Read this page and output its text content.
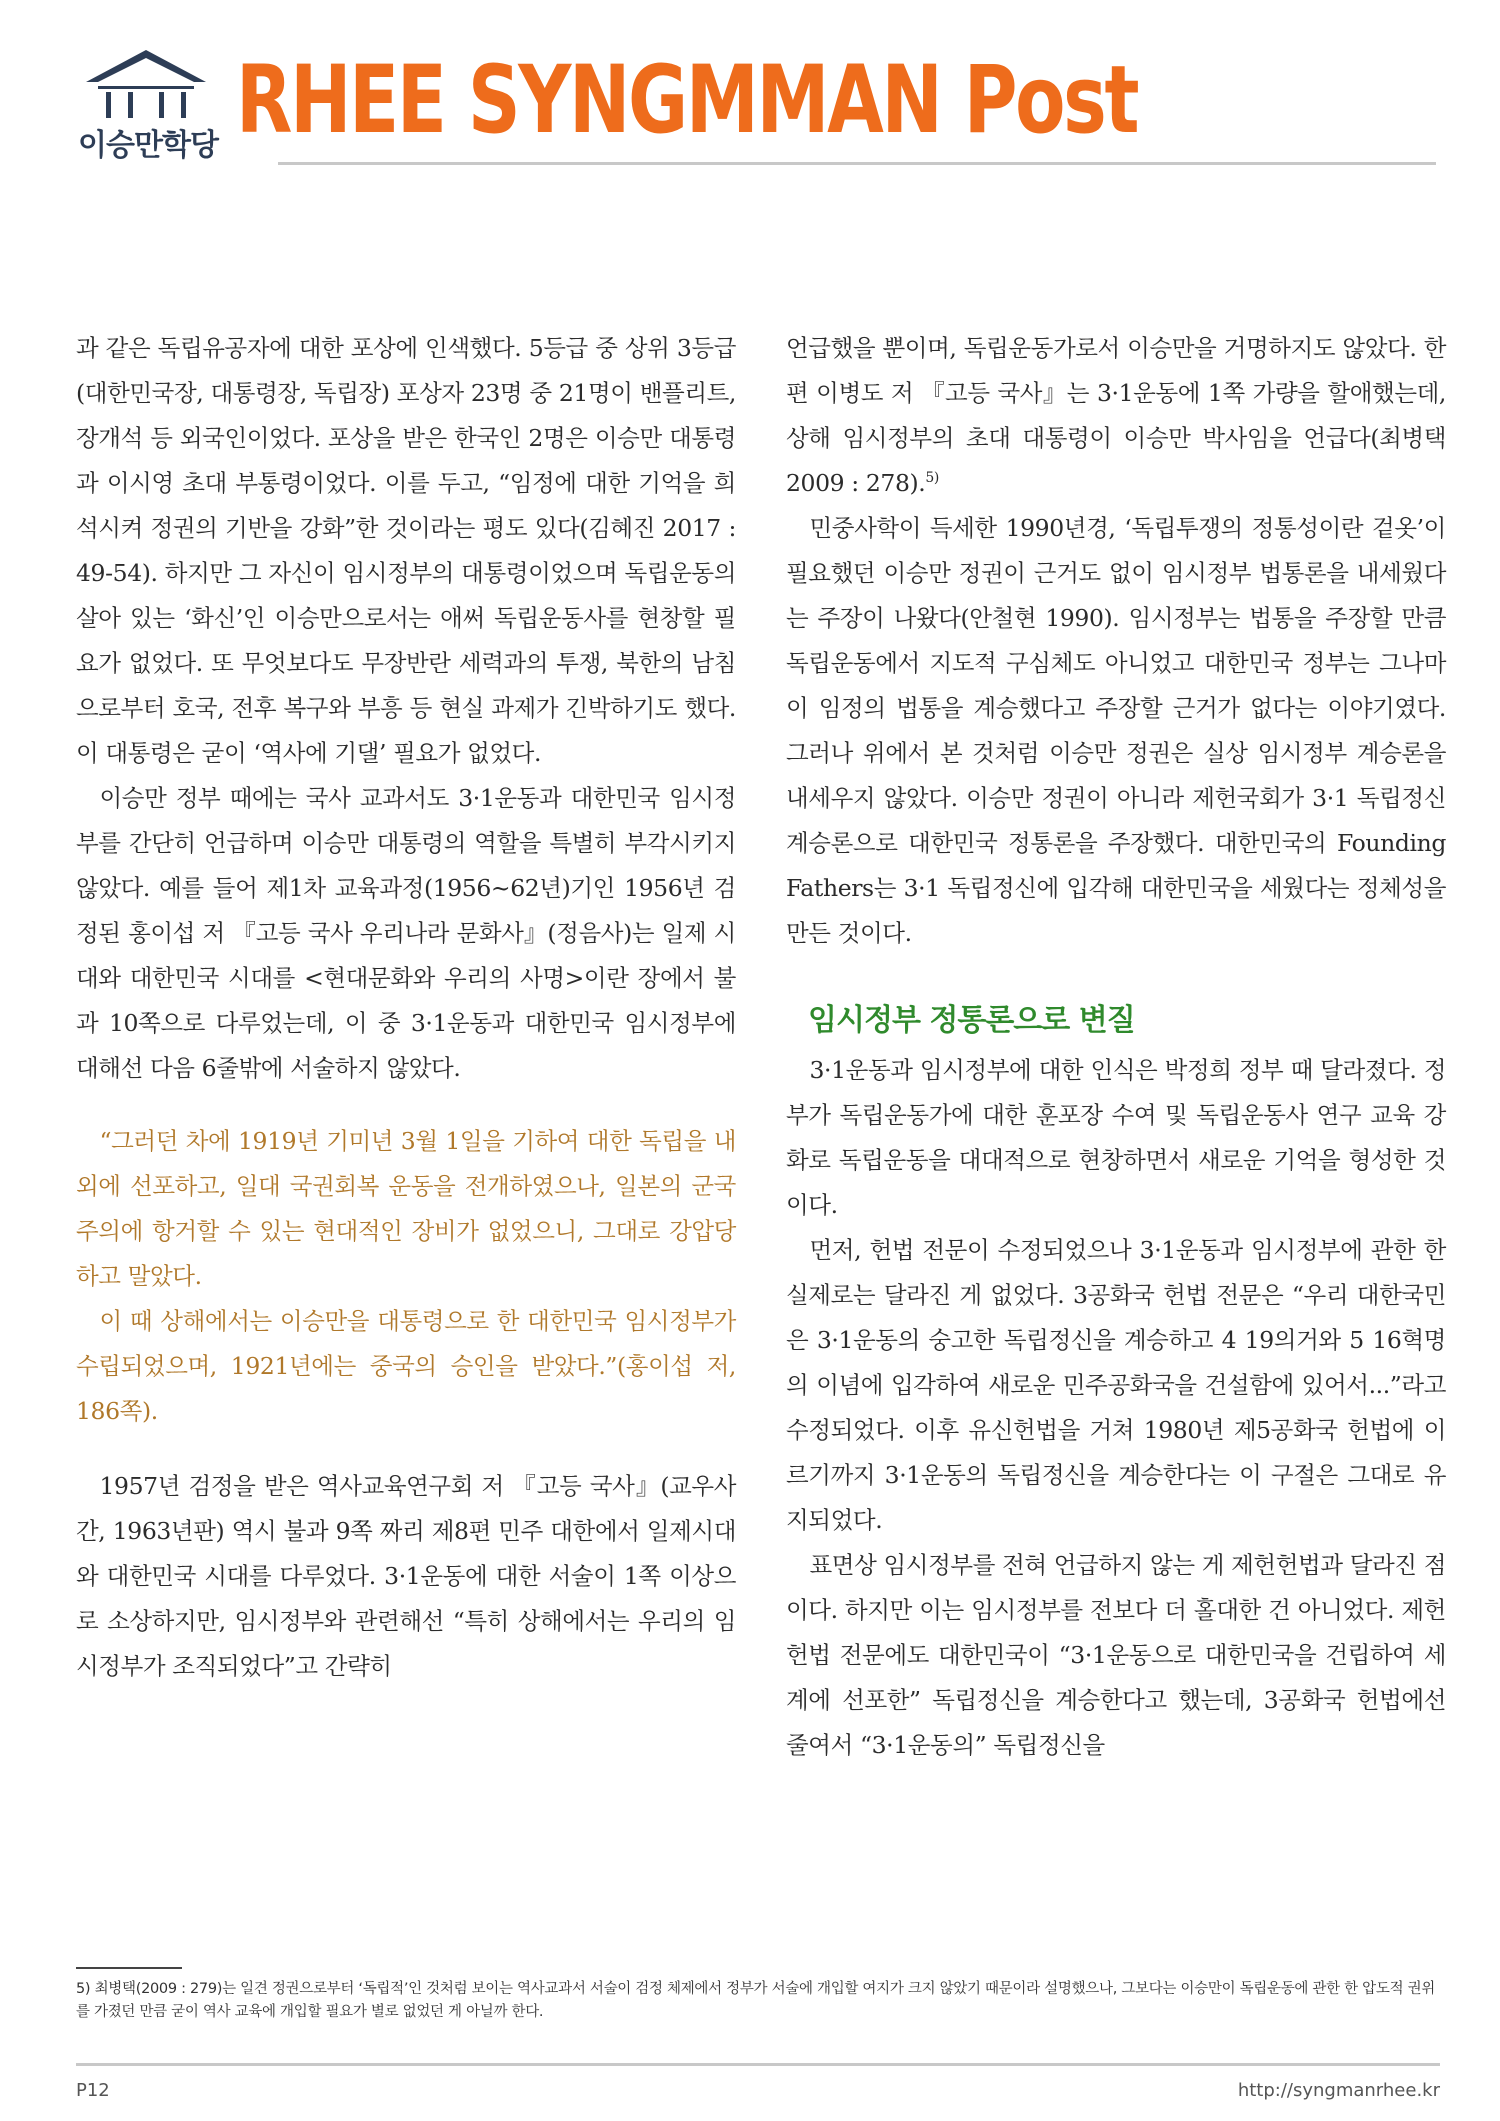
이승만학당 RHEE SYNGMMAN Post

과 같은 독립유공자에 대한 포상에 인색했다. 5등급 중 상위 3등급(대한민국장, 대통령장, 독립장) 포상자 23명 중 21명이 밴플리트, 장개석 등 외국인이었다. 포상을 받은 한국인 2명은 이승만 대통령과 이시영 초대 부통령이었다. 이를 두고, “임정에 대한 기억을 희석시켜 정권의 기반을 강화”한 것이라는 평도 있다(김혜진 2017 : 49-54). 하지만 그 자신이 임시정부의 대통령이었으며 독립운동의 살아 있는 ‘화신’인 이승만으로서는 애써 독립운동사를 현창할 필요가 없었다. 또 무엇보다도 무장반란 세력과의 투쟁, 북한의 남침으로부터 호국, 전후 복구와 부흥 등 현실 과제가 긴박하기도 했다. 이 대통령은 굳이 ‘역사에 기댈’ 필요가 없었다.

이승만 정부 때에는 국사 교과서도 3·1운동과 대한민국 임시정부를 간단히 언급하며 이승만 대통령의 역할을 특별히 부각시키지 않았다. 예를 들어 제1차 교육과정(1956~62년)기인 1956년 검정된 홍이섭 저 『고등 국사 우리나라 문화사』(정음사)는 일제 시대와 대한민국 시대를 <현대문화와 우리의 사명>이란 장에서 불과 10쪽으로 다루었는데, 이 중 3·1운동과 대한민국 임시정부에 대해선 다음 6줄밖에 서술하지 않았다.

“그러던 차에 1919년 기미년 3월 1일을 기하여 대한 독립을 내외에 선포하고, 일대 국권회복 운동을 전개하였으나, 일본의 군국주의에 항거할 수 있는 현대적인 장비가 없었으니, 그대로 강압당하고 말았다.

이 때 상해에서는 이승만을 대통령으로 한 대한민국 임시정부가 수립되었으며, 1921년에는 중국의 승인을 받았다.”(홍이섭 저, 186쪽).

1957년 검정을 받은 역사교육연구회 저 『고등 국사』(교우사 간, 1963년판) 역시 불과 9쪽 짜리 제8편 민주 대한에서 일제시대와 대한민국 시대를 다루었다. 3·1운동에 대한 서술이 1쪽 이상으로 소상하지만, 임시정부와 관련해선 “특히 상해에서는 우리의 임시정부가 조직되었다”고 간략히

언급했을 뿐이며, 독립운동가로서 이승만을 거명하지도 않았다. 한편 이병도 저 『고등 국사』는 3·1운동에 1쪽 가량을 할애했는데, 상해 임시정부의 초대 대통령이 이승만 박사임을 언급다(최병택 2009 : 278).$^{5)}$

민중사학이 득세한 1990년경, ‘독립투쟁의 정통성이란 겉옷’이 필요했던 이승만 정권이 근거도 없이 임시정부 법통론을 내세웠다는 주장이 나왔다(안철현 1990). 임시정부는 법통을 주장할 만큼 독립운동에서 지도적 구심체도 아니었고 대한민국 정부는 그나마 이 임정의 법통을 계승했다고 주장할 근거가 없다는 이야기였다. 그러나 위에서 본 것처럼 이승만 정권은 실상 임시정부 계승론을 내세우지 않았다. 이승만 정권이 아니라 제헌국회가 3·1 독립정신 계승론으로 대한민국 정통론을 주장했다. 대한민국의 Founding Fathers는 3·1 독립정신에 입각해 대한민국을 세웠다는 정체성을 만든 것이다.

임시정부 정통론으로 변질

3·1운동과 임시정부에 대한 인식은 박정희 정부 때 달라졌다. 정부가 독립운동가에 대한 훈포장 수여 및 독립운동사 연구 교육 강화로 독립운동을 대대적으로 현창하면서 새로운 기억을 형성한 것이다.

먼저, 헌법 전문이 수정되었으나 3·1운동과 임시정부에 관한 한 실제로는 달라진 게 없었다. 3공화국 헌법 전문은 “우리 대한국민은 3·1운동의 숭고한 독립정신을 계승하고 4 19의거와 5 16혁명의 이념에 입각하여 새로운 민주공화국을 건설함에 있어서...”라고 수정되었다. 이후 유신헌법을 거쳐 1980년 제5공화국 헌법에 이르기까지 3·1운동의 독립정신을 계승한다는 이 구절은 그대로 유지되었다.

표면상 임시정부를 전혀 언급하지 않는 게 제헌헌법과 달라진 점이다. 하지만 이는 임시정부를 전보다 더 홀대한 건 아니었다. 제헌헌법 전문에도 대한민국이 “3·1운동으로 대한민국을 건립하여 세계에 선포한” 독립정신을 계승한다고 했는데, 3공화국 헌법에선 줄여서 “3·1운동의” 독립정신을

5) 최병택(2009 : 279)는 일견 정권으로부터 ‘독립적’인 것처럼 보이는 역사교과서 서술이 검정 체제에서 정부가 서술에 개입할 여지가 크지 않았기 때문이라 설명했으나, 그보다는 이승만이 독립운동에 관한 한 압도적 권위를 가졌던 만큼 굳이 역사 교육에 개입할 필요가 별로 없었던 게 아닐까 한다.

P12	http://syngmanrhee.kr
